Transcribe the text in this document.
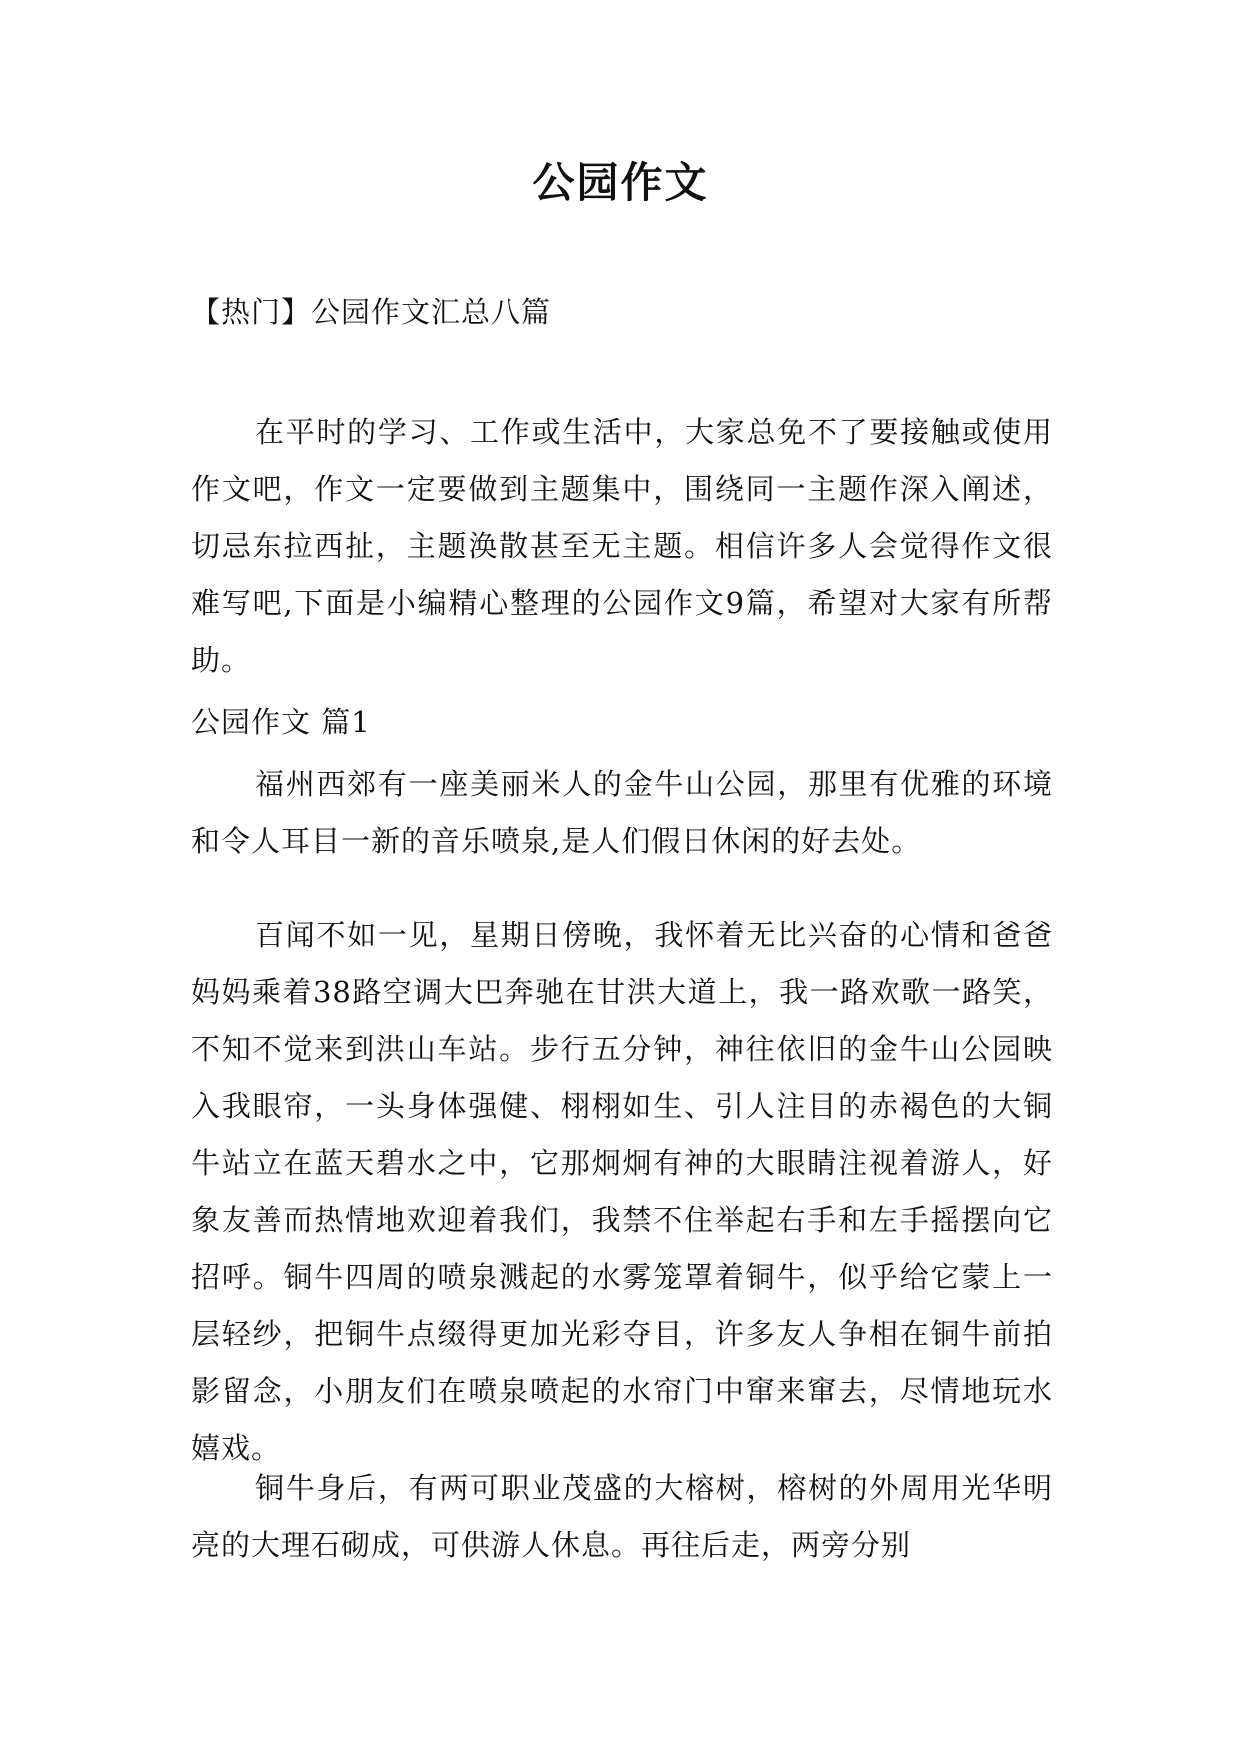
公园作文

【热门】公园作文汇总八篇

在平时的学习、工作或生活中，大家总免不了要接触或使用作文吧，作文一定要做到主题集中，围绕同一主题作深入阐述，切忌东拉西扯，主题涣散甚至无主题。相信许多人会觉得作文很难写吧,下面是小编精心整理的公园作文9篇，希望对大家有所帮助。

公园作文 篇1

福州西郊有一座美丽米人的金牛山公园，那里有优雅的环境和令人耳目一新的音乐喷泉,是人们假日休闲的好去处。

百闻不如一见，星期日傍晚，我怀着无比兴奋的心情和爸爸妈妈乘着38路空调大巴奔驰在甘洪大道上，我一路欢歌一路笑，不知不觉来到洪山车站。步行五分钟，神往依旧的金牛山公园映入我眼帘，一头身体强健、栩栩如生、引人注目的赤褐色的大铜牛站立在蓝天碧水之中，它那炯炯有神的大眼睛注视着游人，好象友善而热情地欢迎着我们，我禁不住举起右手和左手摇摆向它招呼。铜牛四周的喷泉溅起的水雾笼罩着铜牛，似乎给它蒙上一层轻纱，把铜牛点缀得更加光彩夺目，许多友人争相在铜牛前拍影留念，小朋友们在喷泉喷起的水帘门中窜来窜去，尽情地玩水嬉戏。

铜牛身后，有两可职业茂盛的大榕树，榕树的外周用光华明亮的大理石砌成，可供游人休息。再往后走，两旁分别
